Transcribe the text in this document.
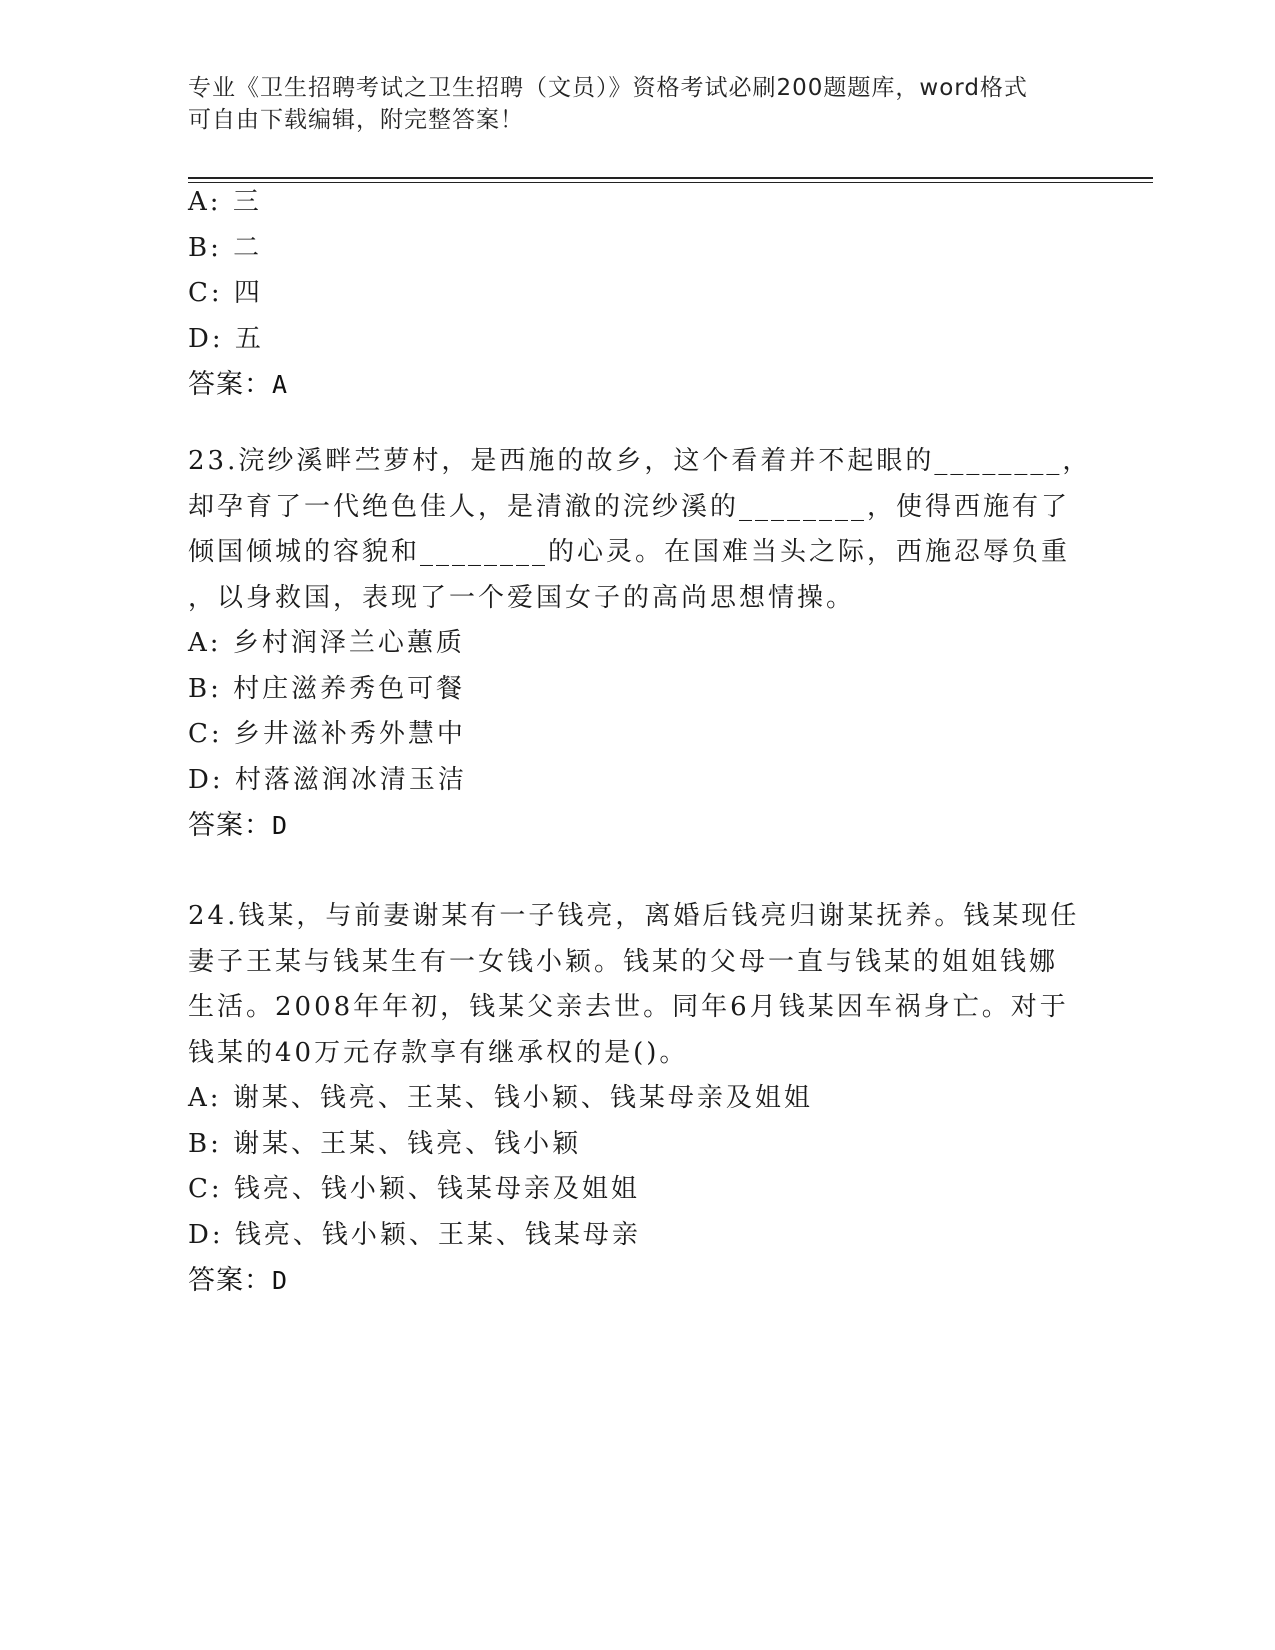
专业《卫生招聘考试之卫生招聘（文员）》资格考试必刷200题题库，word格式
可自由下载编辑，附完整答案！
A: 三
B: 二
C: 四
D: 五
答案：A
23.浣纱溪畔苎萝村，是西施的故乡，这个看着并不起眼的________，
却孕育了一代绝色佳人，是清澈的浣纱溪的________，使得西施有了
倾国倾城的容貌和________的心灵。在国难当头之际，西施忍辱负重
，以身救国，表现了一个爱国女子的高尚思想情操。
A: 乡村润泽兰心蕙质
B: 村庄滋养秀色可餐
C: 乡井滋补秀外慧中
D: 村落滋润冰清玉洁
答案：D
24.钱某，与前妻谢某有一子钱亮，离婚后钱亮归谢某抚养。钱某现任
妻子王某与钱某生有一女钱小颖。钱某的父母一直与钱某的姐姐钱娜
生活。2008年年初，钱某父亲去世。同年6月钱某因车祸身亡。对于
钱某的40万元存款享有继承权的是()。
A: 谢某、钱亮、王某、钱小颖、钱某母亲及姐姐
B: 谢某、王某、钱亮、钱小颖
C: 钱亮、钱小颖、钱某母亲及姐姐
D: 钱亮、钱小颖、王某、钱某母亲
答案：D
